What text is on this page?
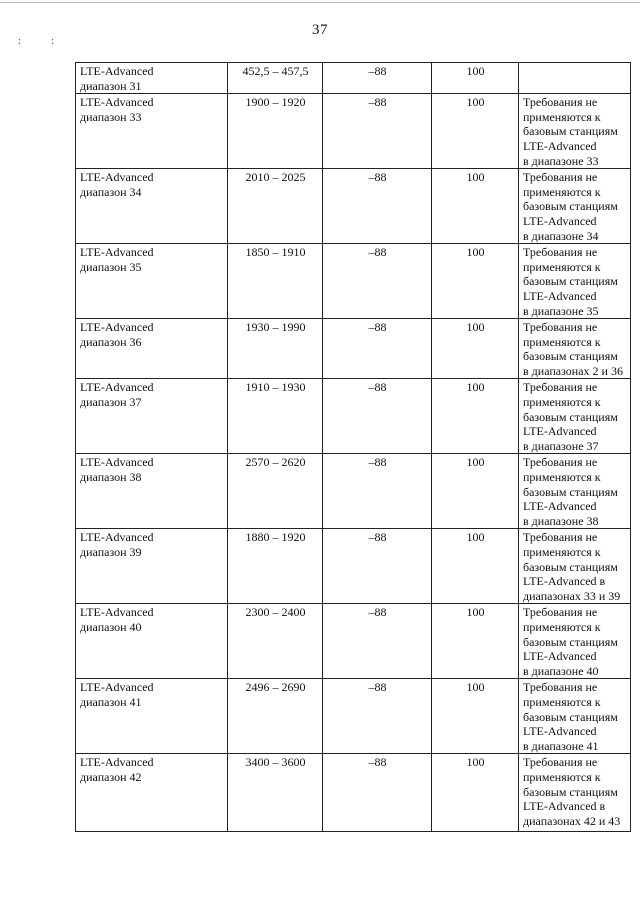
:	:
37
LTE-Advanced
диапазон 31	452,5 – 457,5	–88	100	

LTE-Advanced
диапазон 33	1900 – 1920	–88	100	Требования не
применяются к
базовым станциям
LTE-Advanced
в диапазоне 33

LTE-Advanced
диапазон 34	2010 – 2025	–88	100	Требования не
применяются к
базовым станциям
LTE-Advanced
в диапазоне 34

LTE-Advanced
диапазон 35	1850 – 1910	–88	100	Требования не
применяются к
базовым станциям
LTE-Advanced
в диапазоне 35

LTE-Advanced
диапазон 36	1930 – 1990	–88	100	Требования не
применяются к
базовым станциям
в диапазонах 2 и 36

LTE-Advanced
диапазон 37	1910 – 1930	–88	100	Требования не
применяются к
базовым станциям
LTE-Advanced
в диапазоне 37

LTE-Advanced
диапазон 38	2570 – 2620	–88	100	Требования не
применяются к
базовым станциям
LTE-Advanced
в диапазоне 38

LTE-Advanced
диапазон 39	1880 – 1920	–88	100	Требования не
применяются к
базовым станциям
LTE-Advanced в
диапазонах 33 и 39

LTE-Advanced
диапазон 40	2300 – 2400	–88	100	Требования не
применяются к
базовым станциям
LTE-Advanced
в диапазоне 40

LTE-Advanced
диапазон 41	2496 – 2690	–88	100	Требования не
применяются к
базовым станциям
LTE-Advanced
в диапазоне 41

LTE-Advanced
диапазон 42	3400 – 3600	–88	100	Требования не
применяются к
базовым станциям
LTE-Advanced в
диапазонах 42 и 43
